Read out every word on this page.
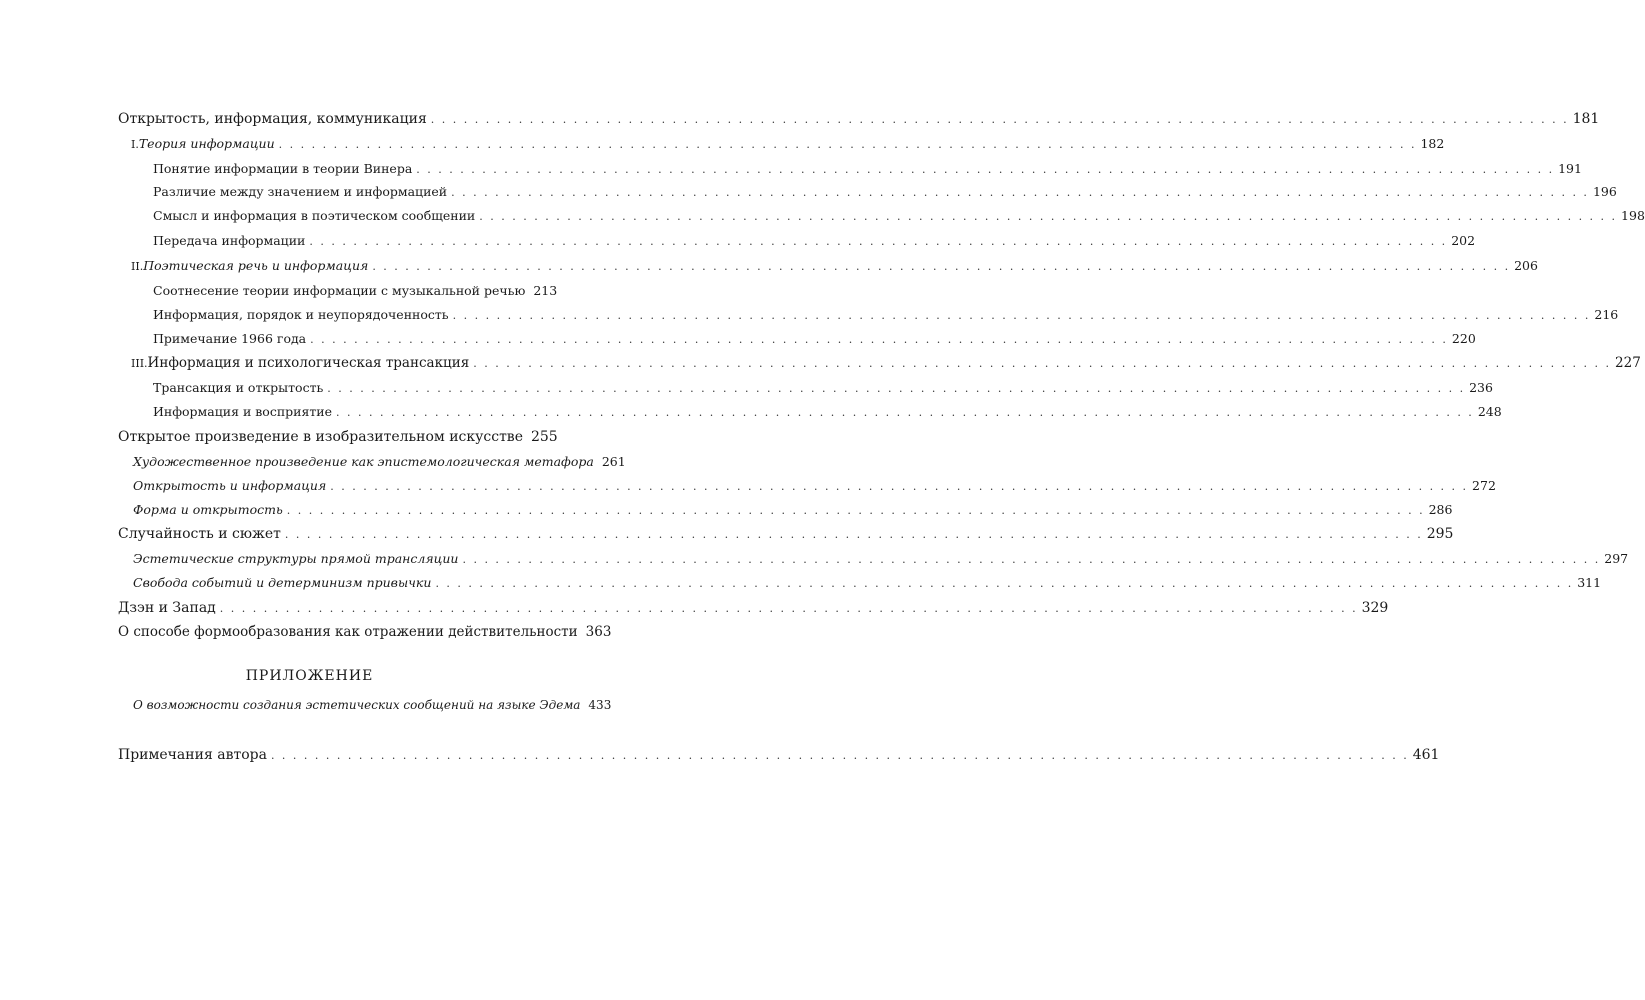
Открытость, информация, коммуникация . . .	181
I. Теория информации . . .	182
Понятие информации в теории Винера . . .	191
Различие между значением и информацией . . .	196
Смысл и информация в поэтическом сообщении . . .	198
Передача информации . . .	202
II. Поэтическая речь и информация . . .	206
Соотнесение теории информации с музыкальной речью 213
Информация, порядок и неупорядоченность . . .	216
Примечание 1966 года . . .	220
III. Информация и психологическая трансакция . . .	227
Трансакция и открытость . . .	236
Информация и восприятие . . .	248
Открытое произведение в изобразительном искусстве 255
Художественное произведение как эпистемологическая метафора 261
Открытость и информация . . .	272
Форма и открытость . . .	286
Случайность и сюжет . . .	295
Эстетические структуры прямой трансляции . . .	297
Свобода событий и детерминизм привычки . . .	311
Дзэн и Запад . . .	329
О способе формообразования как отражении действительности 363
ПРИЛОЖЕНИЕ
О возможности создания эстетических сообщений на языке Эдема 433
Примечания автора . . .	461
